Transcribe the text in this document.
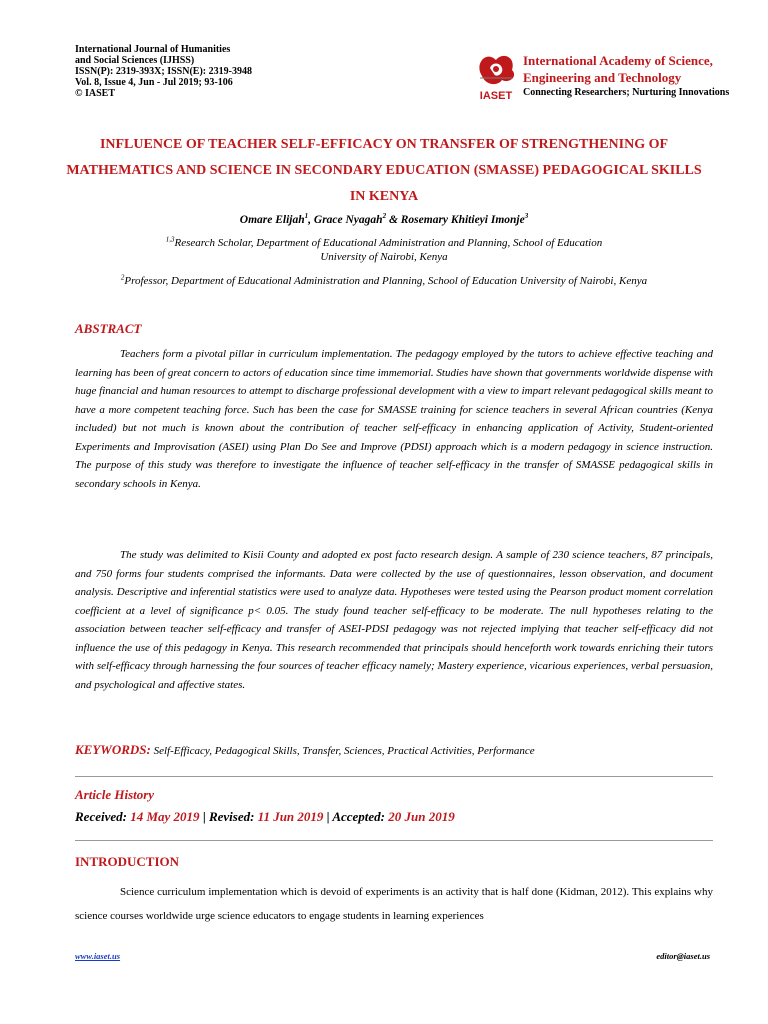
International Journal of Humanities
and Social Sciences (IJHSS)
ISSN(P): 2319-393X; ISSN(E): 2319-3948
Vol. 8, Issue 4, Jun - Jul 2019; 93-106
© IASET	IASET
International Academy of Science,
Engineering and Technology
Connecting Researchers; Nurturing Innovations
INFLUENCE OF TEACHER SELF-EFFICACY ON TRANSFER OF STRENGTHENING OF MATHEMATICS AND SCIENCE IN SECONDARY EDUCATION (SMASSE) PEDAGOGICAL SKILLS IN KENYA
Omare Elijah$^1$, Grace Nyagah$^2$ & Rosemary Khitieyi Imonje$^3$
$^{1,3}$Research Scholar, Department of Educational Administration and Planning, School of Education
University of Nairobi, Kenya
$^2$Professor, Department of Educational Administration and Planning, School of Education University of Nairobi, Kenya
ABSTRACT
Teachers form a pivotal pillar in curriculum implementation. The pedagogy employed by the tutors to achieve effective teaching and learning has been of great concern to actors of education since time immemorial. Studies have shown that governments worldwide dispense with huge financial and human resources to attempt to discharge professional development with a view to impart relevant pedagogical skills meant to have a more competent teaching force. Such has been the case for SMASSE training for science teachers in several African countries (Kenya included) but not much is known about the contribution of teacher self-efficacy in enhancing application of Activity, Student-oriented Experiments and Improvisation (ASEI) using Plan Do See and Improve (PDSI) approach which is a modern pedagogy in science instruction. The purpose of this study was therefore to investigate the influence of teacher self-efficacy in the transfer of SMASSE pedagogical skills in secondary schools in Kenya.
The study was delimited to Kisii County and adopted ex post facto research design. A sample of 230 science teachers, 87 principals, and 750 forms four students comprised the informants. Data were collected by the use of questionnaires, lesson observation, and document analysis. Descriptive and inferential statistics were used to analyze data. Hypotheses were tested using the Pearson product moment correlation coefficient at a level of significance p< 0.05. The study found teacher self-efficacy to be moderate. The null hypotheses relating to the association between teacher self-efficacy and transfer of ASEI-PDSI pedagogy was not rejected implying that teacher self-efficacy did not influence the use of this pedagogy in Kenya. This research recommended that principals should henceforth work towards enriching their tutors with self-efficacy through harnessing the four sources of teacher efficacy namely; Mastery experience, vicarious experiences, verbal persuasion, and psychological and affective states.
KEYWORDS: Self-Efficacy, Pedagogical Skills, Transfer, Sciences, Practical Activities, Performance
Article History
Received: 14 May 2019 | Revised: 11 Jun 2019 | Accepted: 20 Jun 2019
INTRODUCTION
Science curriculum implementation which is devoid of experiments is an activity that is half done (Kidman, 2012). This explains why science courses worldwide urge science educators to engage students in learning experiences
www.iaset.us	editor@iaset.us
